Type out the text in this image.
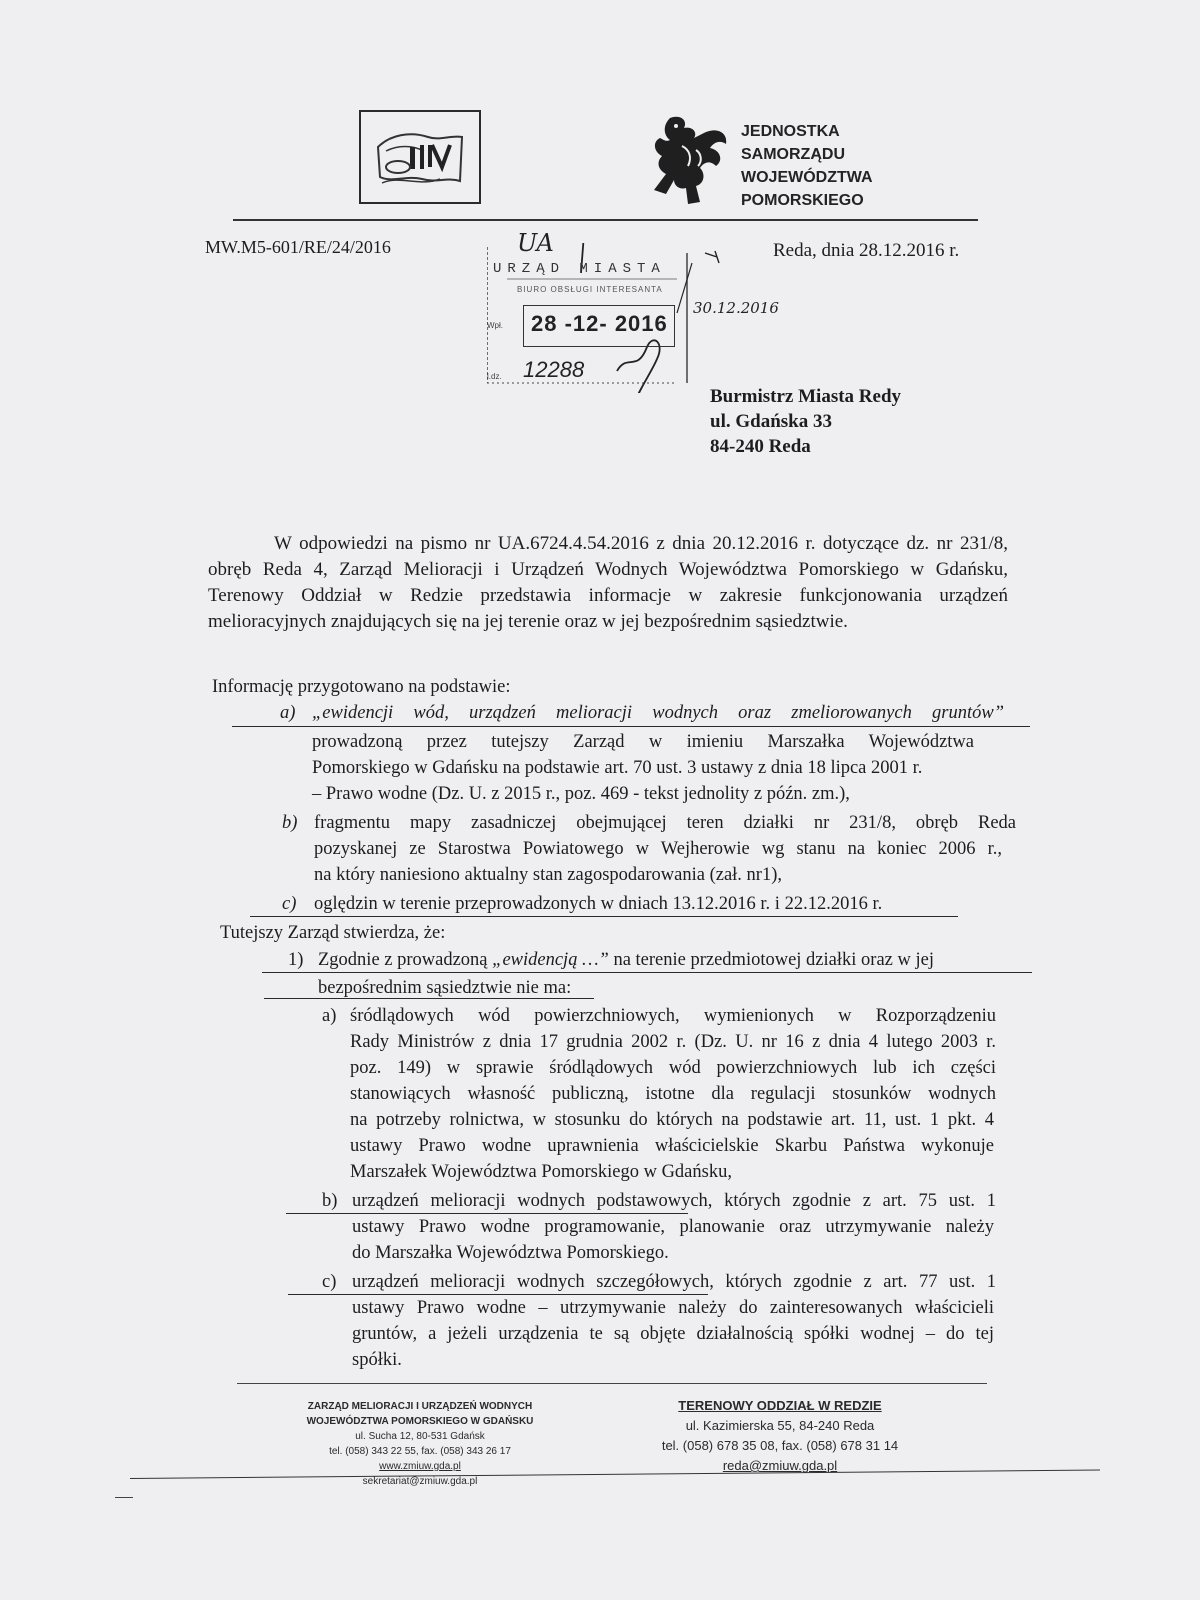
JEDNOSTKA
SAMORZĄDU
WOJEWÓDZTWA
POMORSKIEGO
MW.M5-601/RE/24/2016	Reda, dnia 28.12.2016 r.
URZĄD MIASTA
BIURO OBSŁUGI INTERESANTA
UA
Wpł. 28 -12- 2016
30.12.2016
l.dz. 12288
Burmistrz Miasta Redy
ul. Gdańska 33
84-240 Reda
W odpowiedzi na pismo nr UA.6724.4.54.2016 z dnia 20.12.2016 r. dotyczące dz. nr 231/8, obręb Reda 4, Zarząd Melioracji i Urządzeń Wodnych Województwa Pomorskiego w Gdańsku, Terenowy Oddział w Redzie przedstawia informacje w zakresie funkcjonowania urządzeń melioracyjnych znajdujących się na jej terenie oraz w jej bezpośrednim sąsiedztwie.
Informację przygotowano na podstawie:
a) „ewidencji wód, urządzeń melioracji wodnych oraz zmeliorowanych gruntów”
prowadzoną przez tutejszy Zarząd w imieniu Marszałka Województwa
Pomorskiego w Gdańsku na podstawie art. 70 ust. 3 ustawy z dnia 18 lipca 2001 r.
– Prawo wodne (Dz. U. z 2015 r., poz. 469 - tekst jednolity z późn. zm.),
b) fragmentu mapy zasadniczej obejmującej teren działki nr 231/8, obręb Reda
pozyskanej ze Starostwa Powiatowego w Wejherowie wg stanu na koniec 2006 r.,
na który naniesiono aktualny stan zagospodarowania (zał. nr1),
c) oględzin w terenie przeprowadzonych w dniach 13.12.2016 r. i 22.12.2016 r.
Tutejszy Zarząd stwierdza, że:
1) Zgodnie z prowadzoną „ewidencją …” na terenie przedmiotowej działki oraz w jej
bezpośrednim sąsiedztwie nie ma:
a) śródlądowych wód powierzchniowych, wymienionych w Rozporządzeniu
Rady Ministrów z dnia 17 grudnia 2002 r. (Dz. U. nr 16 z dnia 4 lutego 2003 r.
poz. 149) w sprawie śródlądowych wód powierzchniowych lub ich części
stanowiących własność publiczną, istotne dla regulacji stosunków wodnych
na potrzeby rolnictwa, w stosunku do których na podstawie art. 11, ust. 1 pkt. 4
ustawy Prawo wodne uprawnienia właścicielskie Skarbu Państwa wykonuje
Marszałek Województwa Pomorskiego w Gdańsku,
b) urządzeń melioracji wodnych podstawowych, których zgodnie z art. 75 ust. 1
ustawy Prawo wodne programowanie, planowanie oraz utrzymywanie należy
do Marszałka Województwa Pomorskiego.
c) urządzeń melioracji wodnych szczegółowych, których zgodnie z art. 77 ust. 1
ustawy Prawo wodne – utrzymywanie należy do zainteresowanych właścicieli
gruntów, a jeżeli urządzenia te są objęte działalnością spółki wodnej – do tej
spółki.
ZARZĄD MELIORACJI I URZĄDZEŃ WODNYCH
WOJEWÓDZTWA POMORSKIEGO W GDAŃSKU
ul. Sucha 12, 80-531 Gdańsk
tel. (058) 343 22 55, fax. (058) 343 26 17
www.zmiuw.gda.pl
sekretariat@zmiuw.gda.pl
TERENOWY ODDZIAŁ W REDZIE
ul. Kazimierska 55, 84-240 Reda
tel. (058) 678 35 08, fax. (058) 678 31 14
reda@zmiuw.gda.pl
